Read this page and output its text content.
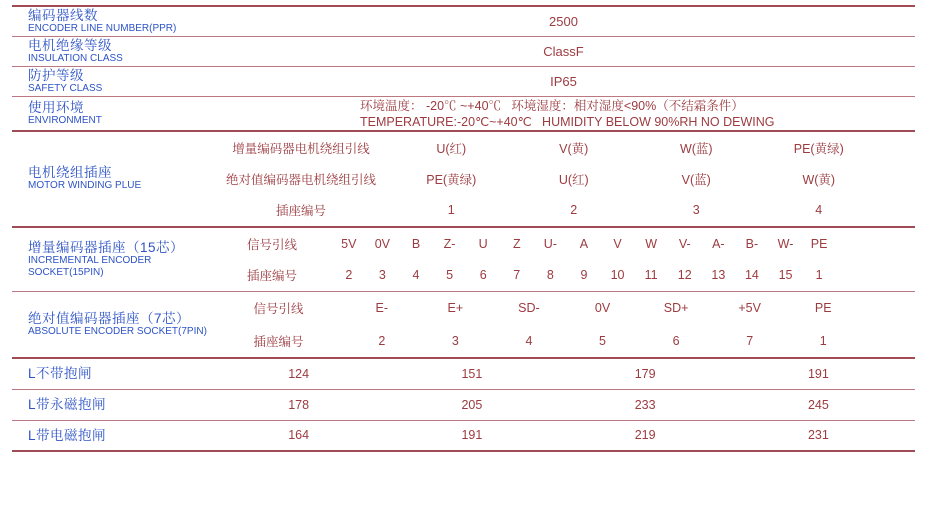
编码器线数
ENCODER LINE NUMBER(PPR)	2500
电机绝缘等级
INSULATION CLASS	ClassF
防护等级
SAFETY CLASS	IP65
使用环境
ENVIRONMENT
环境温度： -20℃ ~+40℃   环境湿度：相对湿度<90%（不结霜条件）
TEMPERATURE:-20℃~+40℃   HUMIDITY BELOW 90%RH NO DEWING
电机绕组插座
MOTOR WINDING PLUE
增量编码器电机绕组引线	U(红)	V(黄)	W(蓝)	PE(黄绿)
绝对值编码器电机绕组引线	PE(黄绿)	U(红)	V(蓝)	W(黄)
插座编号	1	2	3	4
增量编码器插座（15芯）
INCREMENTAL ENCODER SOCKET(15PIN)
信号引线	5V	0V	B	Z-	U	Z	U-	A	V	W	V-	A-	B-	W-	PE
插座编号	2	3	4	5	6	7	8	9	10	11	12	13	14	15	1
绝对值编码器插座（7芯）
ABSOLUTE ENCODER SOCKET(7PIN)
信号引线	E-	E+	SD-	0V	SD+	+5V	PE
插座编号	2	3	4	5	6	7	1
L不带抱闸	124	151	179	191
L带永磁抱闸	178	205	233	245
L带电磁抱闸	164	191	219	231
